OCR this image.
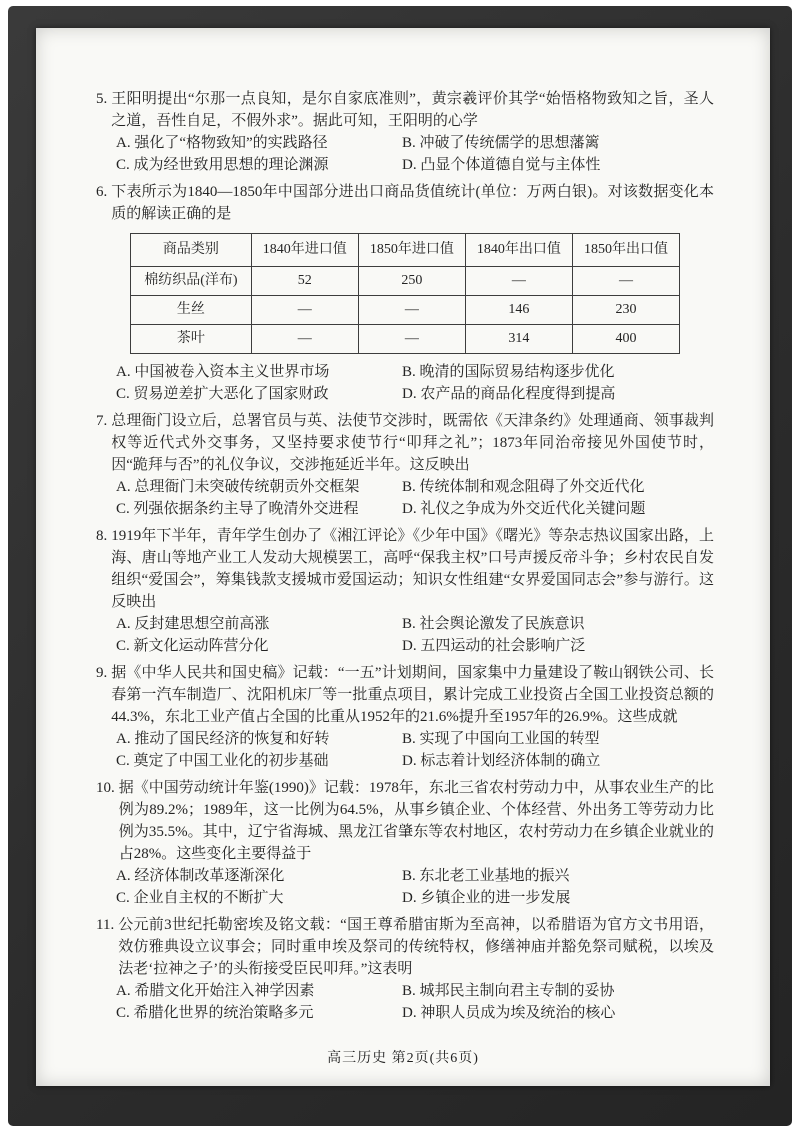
5. 王阳明提出“尔那一点良知，是尔自家底准则”，黄宗羲评价其学“始悟格物致知之旨，圣人之道，吾性自足，不假外求”。据此可知，王阳明的心学
A. 强化了“格物致知”的实践路径	B. 冲破了传统儒学的思想藩篱
C. 成为经世致用思想的理论渊源	D. 凸显个体道德自觉与主体性
6. 下表所示为1840—1850年中国部分进出口商品货值统计(单位：万两白银)。对该数据变化本质的解读正确的是
商品类别	1840年进口值	1850年进口值	1840年出口值	1850年出口值
棉纺织品(洋布)	52	250	—	—
生丝	—	—	146	230
茶叶	—	—	314	400
A. 中国被卷入资本主义世界市场	B. 晚清的国际贸易结构逐步优化
C. 贸易逆差扩大恶化了国家财政	D. 农产品的商品化程度得到提高
7. 总理衙门设立后，总署官员与英、法使节交涉时，既需依《天津条约》处理通商、领事裁判权等近代式外交事务，又坚持要求使节行“叩拜之礼”；1873年同治帝接见外国使节时，因“跪拜与否”的礼仪争议，交涉拖延近半年。这反映出
A. 总理衙门未突破传统朝贡外交框架	B. 传统体制和观念阻碍了外交近代化
C. 列强依据条约主导了晚清外交进程	D. 礼仪之争成为外交近代化关键问题
8. 1919年下半年，青年学生创办了《湘江评论》《少年中国》《曙光》等杂志热议国家出路，上海、唐山等地产业工人发动大规模罢工，高呼“保我主权”口号声援反帝斗争；乡村农民自发组织“爱国会”，筹集钱款支援城市爱国运动；知识女性组建“女界爱国同志会”参与游行。这反映出
A. 反封建思想空前高涨	B. 社会舆论激发了民族意识
C. 新文化运动阵营分化	D. 五四运动的社会影响广泛
9. 据《中华人民共和国史稿》记载：“一五”计划期间，国家集中力量建设了鞍山钢铁公司、长春第一汽车制造厂、沈阳机床厂等一批重点项目，累计完成工业投资占全国工业投资总额的44.3%，东北工业产值占全国的比重从1952年的21.6%提升至1957年的26.9%。这些成就
A. 推动了国民经济的恢复和好转	B. 实现了中国向工业国的转型
C. 奠定了中国工业化的初步基础	D. 标志着计划经济体制的确立
10. 据《中国劳动统计年鉴(1990)》记载：1978年，东北三省农村劳动力中，从事农业生产的比例为89.2%；1989年，这一比例为64.5%，从事乡镇企业、个体经营、外出务工等劳动力比例为35.5%。其中，辽宁省海城、黑龙江省肇东等农村地区，农村劳动力在乡镇企业就业的占28%。这些变化主要得益于
A. 经济体制改革逐渐深化	B. 东北老工业基地的振兴
C. 企业自主权的不断扩大	D. 乡镇企业的进一步发展
11. 公元前3世纪托勒密埃及铭文载：“国王尊希腊宙斯为至高神，以希腊语为官方文书用语，效仿雅典设立议事会；同时重申埃及祭司的传统特权，修缮神庙并豁免祭司赋税，以埃及法老‘拉神之子’的头衔接受臣民叩拜。”这表明
A. 希腊文化开始注入神学因素	B. 城邦民主制向君主专制的妥协
C. 希腊化世界的统治策略多元	D. 神职人员成为埃及统治的核心
高三历史 第2页(共6页)
